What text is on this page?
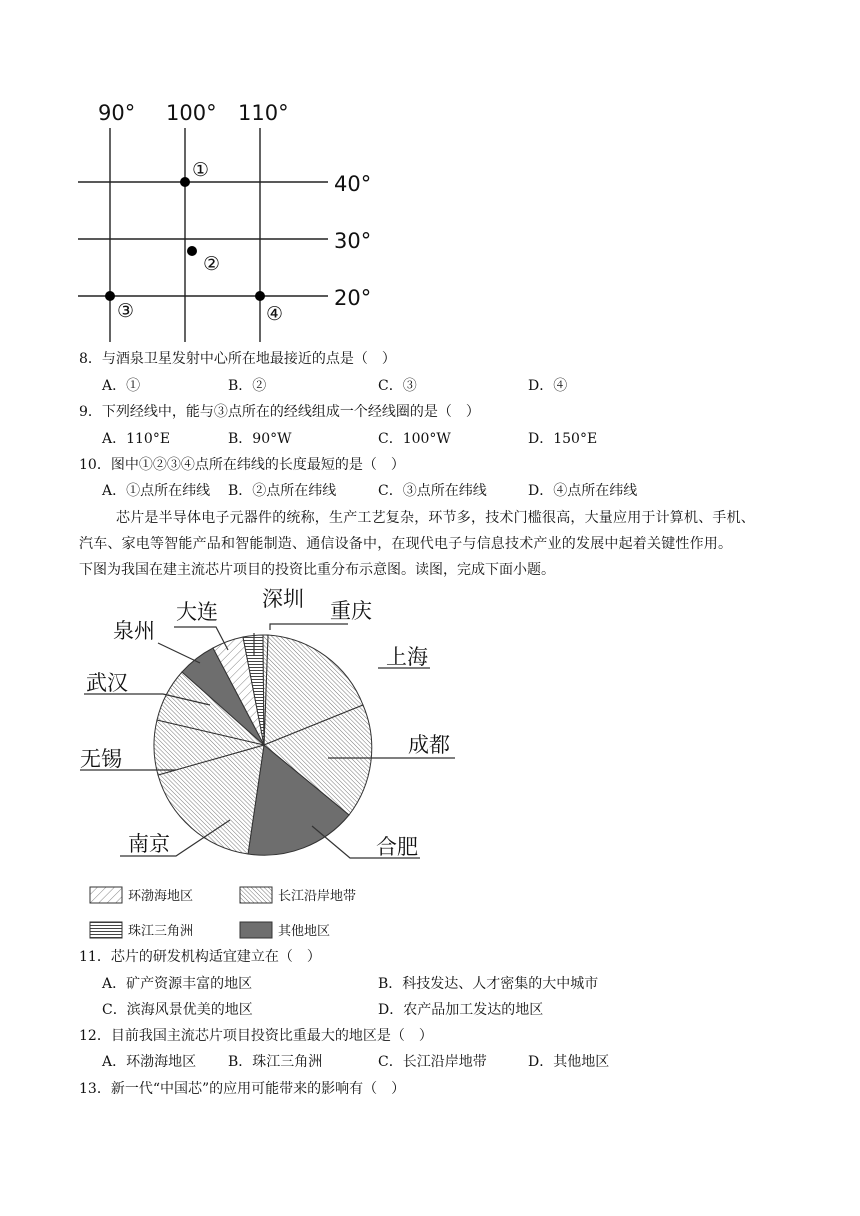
90° 100° 110°
40°
30°
20°
①
②
③	④
8．与酒泉卫星发射中心所在地最接近的点是（　）
A．①	B．②	C．③	D．④
9．下列经线中，能与③点所在的经线组成一个经线圈的是（　）
A．110°E	B．90°W	C．100°W	D．150°E
10．图中①②③④点所在纬线的长度最短的是（　）
A．①点所在纬线 B．②点所在纬线	C．③点所在纬线	D．④点所在纬线
芯片是半导体电子元器件的统称，生产工艺复杂，环节多，技术门槛很高，大量应用于计算机、手机、
汽车、家电等智能产品和智能制造、通信设备中，在现代电子与信息技术产业的发展中起着关键性作用。
下图为我国在建主流芯片项目的投资比重分布示意图。读图，完成下面小题。
大连
深圳 重庆
泉州
上海
武汉
成都
无锡
南京	合肥
环渤海地区	长江沿岸地带
珠江三角洲	其他地区
11．芯片的研发机构适宜建立在（　）
A．矿产资源丰富的地区	B．科技发达、人才密集的大中城市
C．滨海风景优美的地区	D．农产品加工发达的地区
12．目前我国主流芯片项目投资比重最大的地区是（　）
A．环渤海地区 B．珠江三角洲	C．长江沿岸地带	D．其他地区
13．新一代“中国芯”的应用可能带来的影响有（　）
